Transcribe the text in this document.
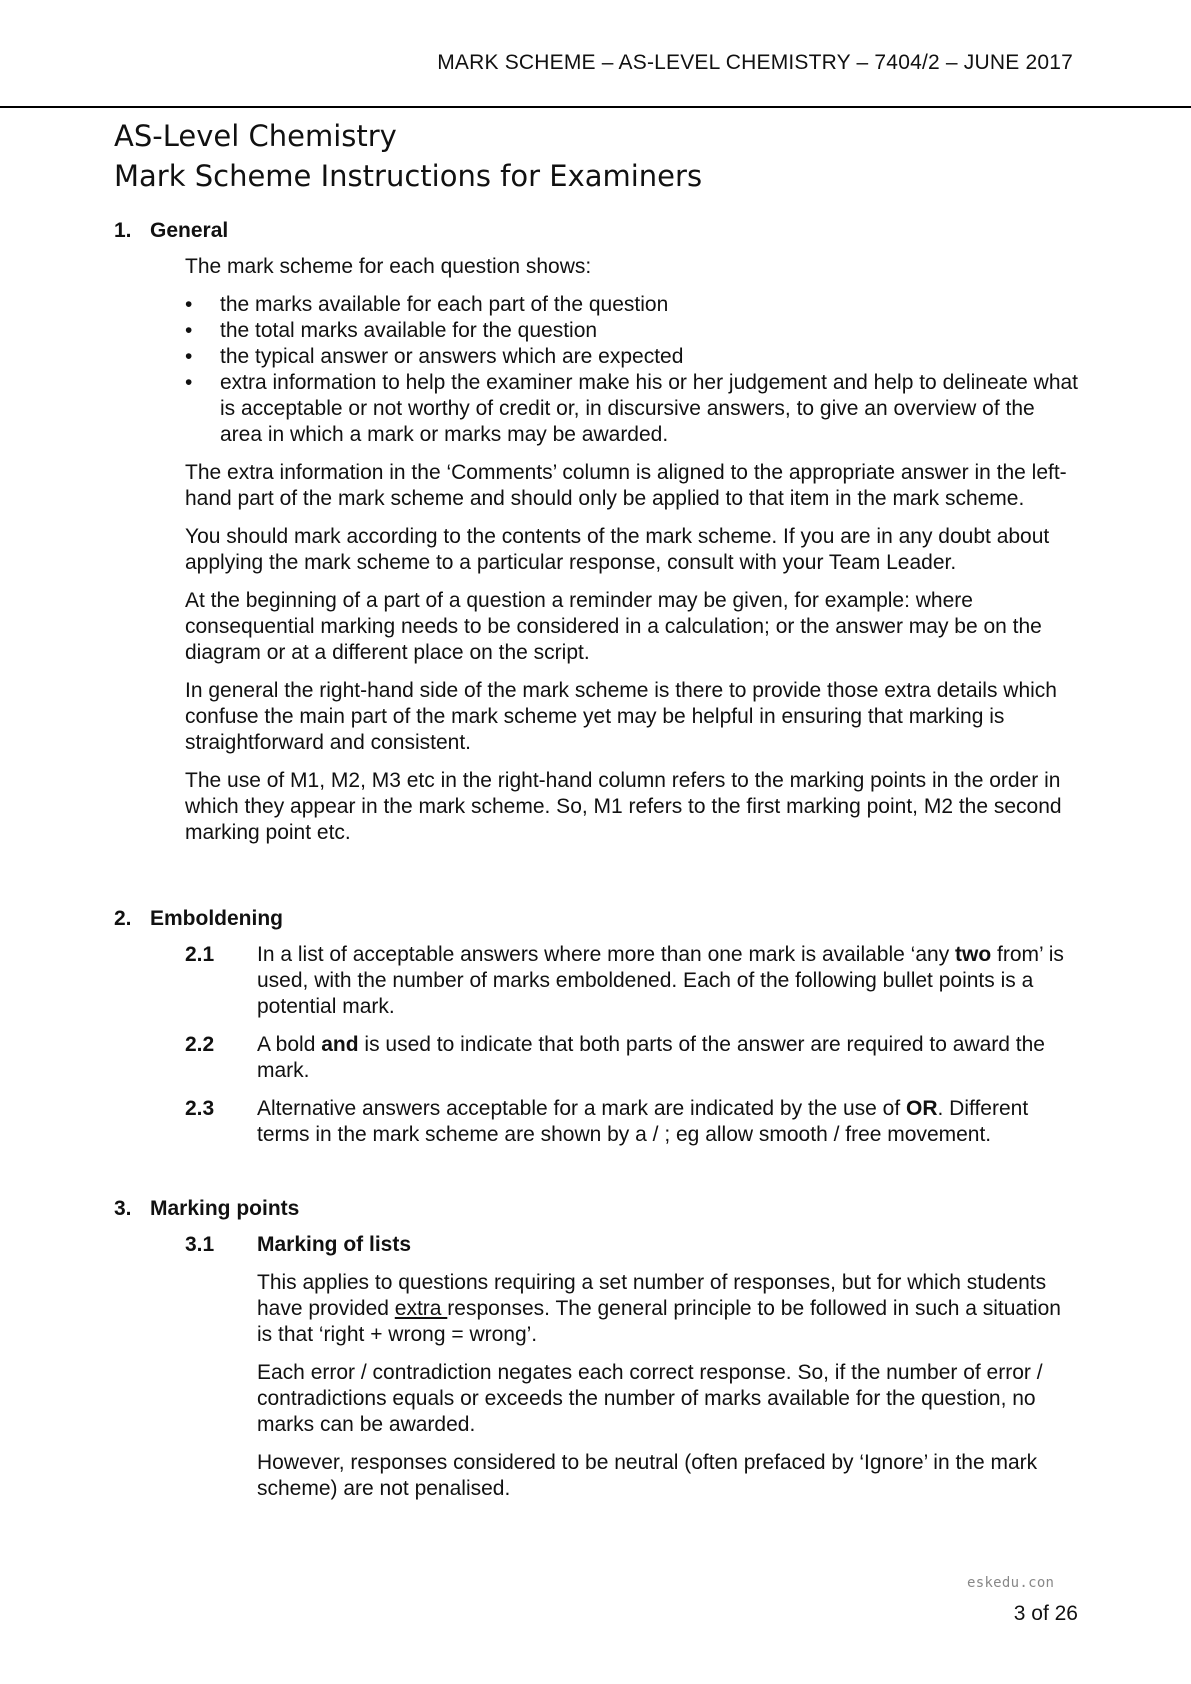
MARK SCHEME – AS-LEVEL CHEMISTRY – 7404/2 – JUNE 2017
AS-Level Chemistry
Mark Scheme Instructions for Examiners
1. General
The mark scheme for each question shows:
• the marks available for each part of the question
• the total marks available for the question
• the typical answer or answers which are expected
• extra information to help the examiner make his or her judgement and help to delineate what is acceptable or not worthy of credit or, in discursive answers, to give an overview of the area in which a mark or marks may be awarded.
The extra information in the ‘Comments’ column is aligned to the appropriate answer in the left-hand part of the mark scheme and should only be applied to that item in the mark scheme.
You should mark according to the contents of the mark scheme. If you are in any doubt about applying the mark scheme to a particular response, consult with your Team Leader.
At the beginning of a part of a question a reminder may be given, for example: where consequential marking needs to be considered in a calculation; or the answer may be on the diagram or at a different place on the script.
In general the right-hand side of the mark scheme is there to provide those extra details which confuse the main part of the mark scheme yet may be helpful in ensuring that marking is straightforward and consistent.
The use of M1, M2, M3 etc in the right-hand column refers to the marking points in the order in which they appear in the mark scheme. So, M1 refers to the first marking point, M2 the second marking point etc.
2. Emboldening
2.1	In a list of acceptable answers where more than one mark is available ‘any two from’ is used, with the number of marks emboldened. Each of the following bullet points is a potential mark.
2.2	A bold and is used to indicate that both parts of the answer are required to award the mark.
2.3	Alternative answers acceptable for a mark are indicated by the use of OR. Different terms in the mark scheme are shown by a / ; eg allow smooth / free movement.
3. Marking points
3.1	Marking of lists
This applies to questions requiring a set number of responses, but for which students have provided extra responses. The general principle to be followed in such a situation is that ‘right + wrong = wrong’.
Each error / contradiction negates each correct response. So, if the number of error / contradictions equals or exceeds the number of marks available for the question, no marks can be awarded.
However, responses considered to be neutral (often prefaced by ‘Ignore’ in the mark scheme) are not penalised.
eskedu.con
3 of 26
